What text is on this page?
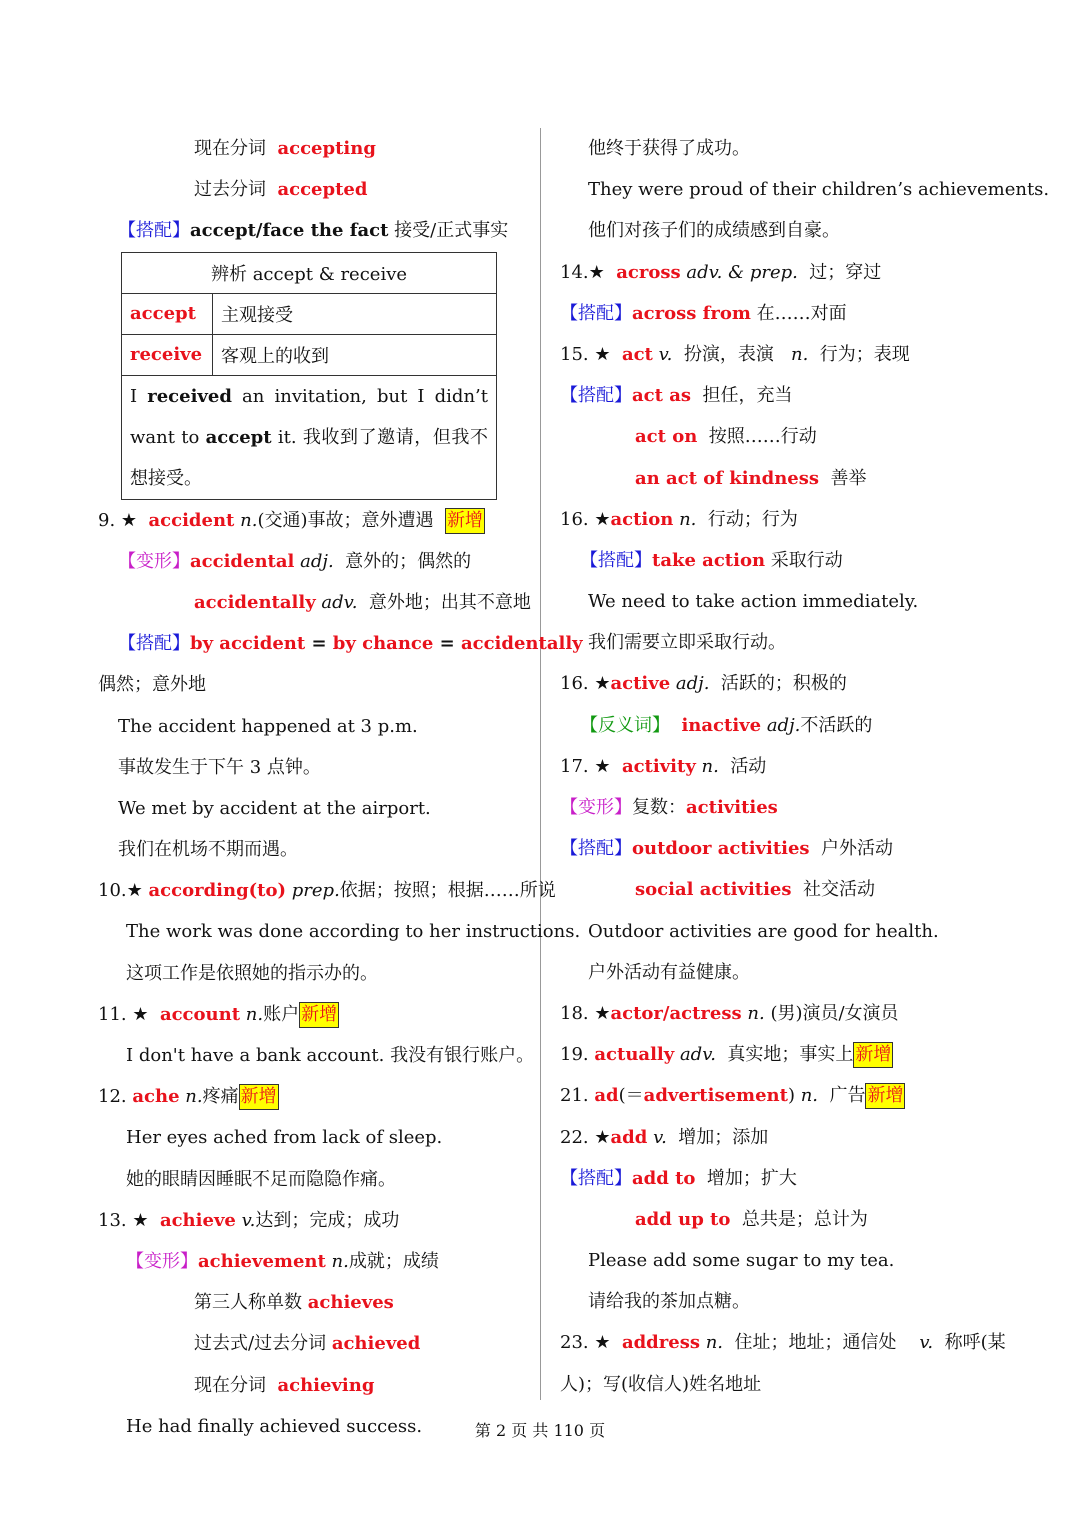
现在分词 accepting
过去分词 accepted
【搭配】accept/face the fact 接受/正式事实
辨析 accept & receive	
accept	主观接受
receive	客观上的收到
I received an invitation, but I didn’t want to accept it. 我收到了邀请，但我不想接受。	
9. ★ accident n.(交通)事故；意外遭遇 新增
【变形】accidental adj. 意外的；偶然的
accidentally adv. 意外地；出其不意地
【搭配】by accident = by chance = accidentally
偶然；意外地
The accident happened at 3 p.m.
事故发生于下午 3 点钟。
We met by accident at the airport.
我们在机场不期而遇。
10.★ according(to) prep.依据；按照；根据……所说
The work was done according to her instructions.
这项工作是依照她的指示办的。
11. ★ account n.账户 新增
I don't have a bank account. 我没有银行账户。
12. ache n.疼痛 新增
Her eyes ached from lack of sleep.
她的眼睛因睡眠不足而隐隐作痛。
13. ★ achieve v.达到；完成；成功
【变形】achievement n.成就；成绩
第三人称单数 achieves
过去式/过去分词 achieved
现在分词 achieving
He had finally achieved success.
他终于获得了成功。
They were proud of their children’s achievements.
他们对孩子们的成绩感到自豪。
14.★ across adv. & prep. 过；穿过
【搭配】across from 在……对面
15. ★ act v. 扮演，表演 n. 行为；表现
【搭配】act as 担任，充当
act on 按照……行动
an act of kindness 善举
16. ★action n. 行动；行为
【搭配】take action 采取行动
We need to take action immediately.
我们需要立即采取行动。
16. ★active adj. 活跃的；积极的
【反义词】 inactive adj.不活跃的
17. ★ activity n. 活动
【变形】复数：activities
【搭配】outdoor activities 户外活动
social activities 社交活动
Outdoor activities are good for health.
户外活动有益健康。
18. ★actor/actress n. (男)演员/女演员
19. actually adv. 真实地；事实上 新增
21. ad(＝advertisement) n. 广告 新增
22. ★add v. 增加；添加
【搭配】add to 增加；扩大
add up to 总共是；总计为
Please add some sugar to my tea.
请给我的茶加点糖。
23. ★ address n. 住址；地址；通信处 v. 称呼(某
人)；写(收信人)姓名地址
第 2 页 共 110 页
